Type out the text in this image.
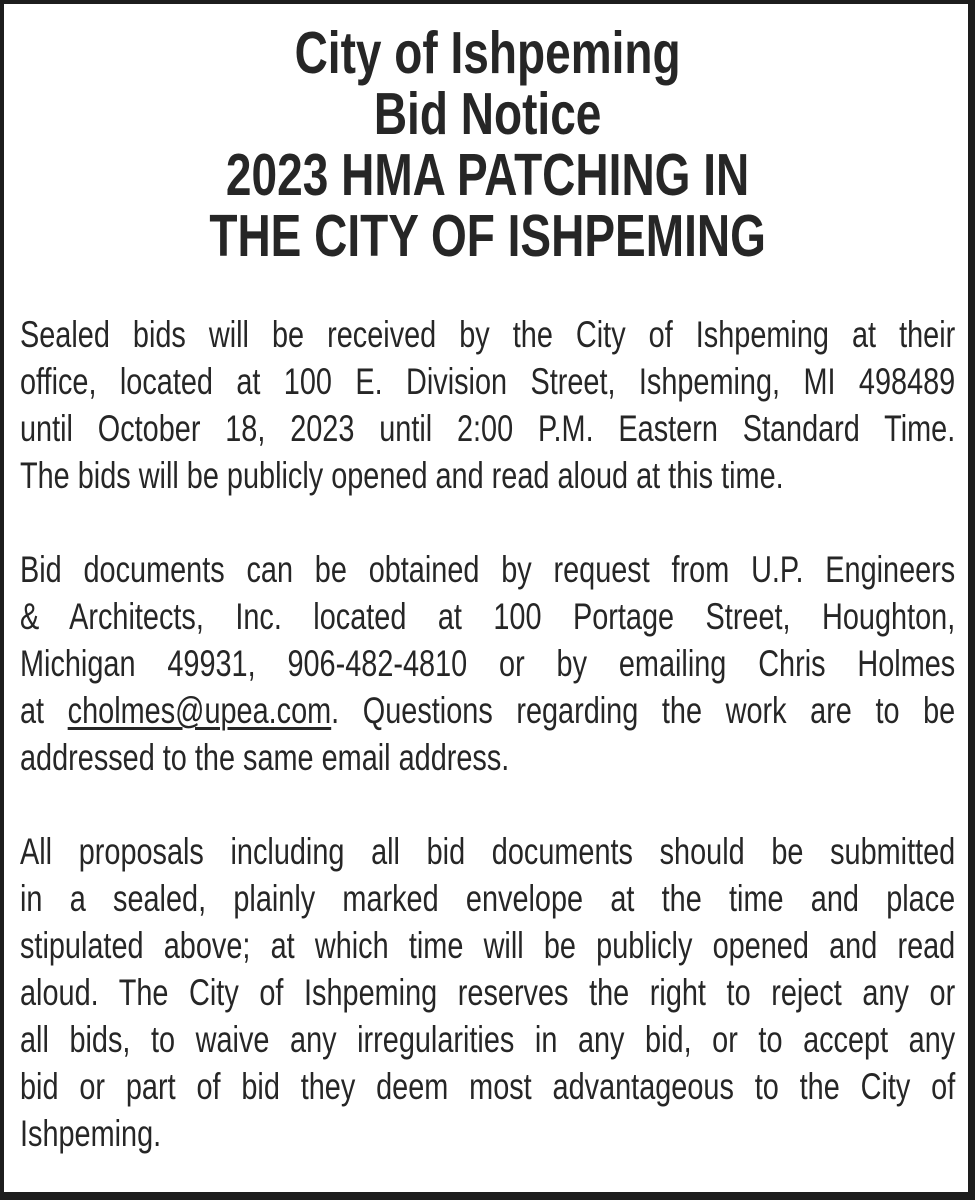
City of Ishpeming
Bid Notice
2023 HMA PATCHING IN
THE CITY OF ISHPEMING

Sealed bids will be received by the City of Ishpeming at their
office, located at 100 E. Division Street, Ishpeming, MI 498489
until October 18, 2023 until 2:00 P.M. Eastern Standard Time.
The bids will be publicly opened and read aloud at this time.

Bid documents can be obtained by request from U.P. Engineers
& Architects, Inc. located at 100 Portage Street, Houghton,
Michigan 49931, 906-482-4810 or by emailing Chris Holmes
at cholmes@upea.com. Questions regarding the work are to be
addressed to the same email address.

All proposals including all bid documents should be submitted
in a sealed, plainly marked envelope at the time and place
stipulated above; at which time will be publicly opened and read
aloud. The City of Ishpeming reserves the right to reject any or
all bids, to waive any irregularities in any bid, or to accept any
bid or part of bid they deem most advantageous to the City of
Ishpeming.
